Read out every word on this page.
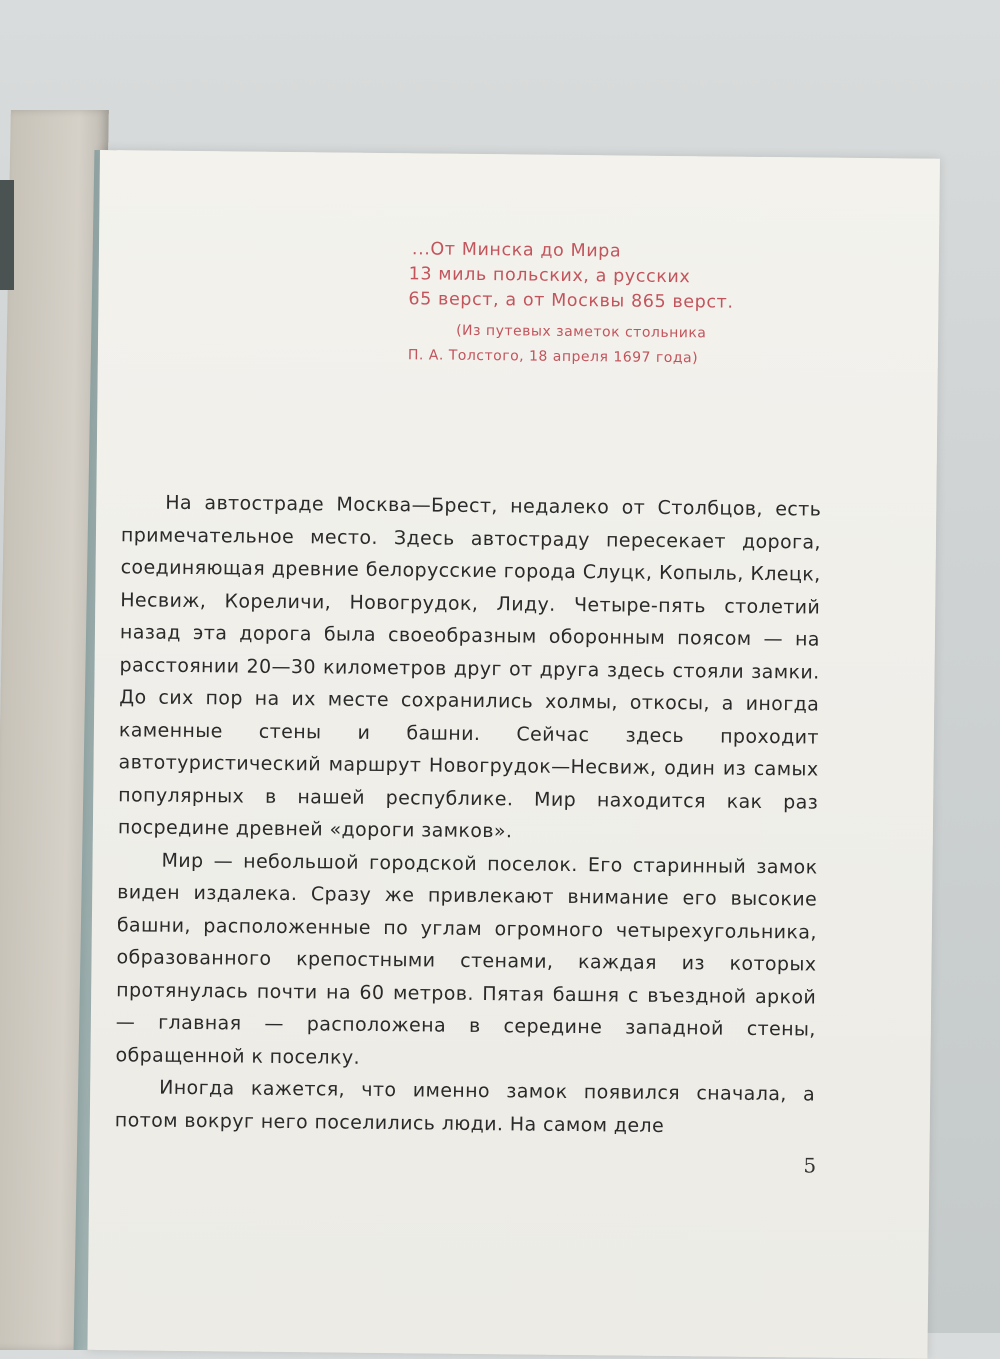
...От Минска до Мира
13 миль польских, а русских
65 верст, а от Москвы 865 верст.
(Из путевых заметок стольника
П. А. Толстого, 18 апреля 1697 года)

На автостраде Москва—Брест, недалеко от Столбцов, есть примечательное место. Здесь автостраду пересекает дорога, соединяющая древние белорусские города Слуцк, Копыль, Клецк, Несвиж, Кореличи, Новогрудок, Лиду. Четыре-пять столетий назад эта дорога была своеобразным оборонным поясом — на расстоянии 20—30 километров друг от друга здесь стояли замки. До сих пор на их месте сохранились холмы, откосы, а иногда каменные стены и башни. Сейчас здесь проходит автотуристический маршрут Новогрудок—Несвиж, один из самых популярных в нашей республике. Мир находится как раз посредине древней «дороги замков».

Мир — небольшой городской поселок. Его старинный замок виден издалека. Сразу же привлекают внимание его высокие башни, расположенные по углам огромного четырехугольника, образованного крепостными стенами, каждая из которых протянулась почти на 60 метров. Пятая башня с въездной аркой — главная — расположена в середине западной стены, обращенной к поселку.

Иногда кажется, что именно замок появился сначала, а потом вокруг него поселились люди. На самом деле

5
